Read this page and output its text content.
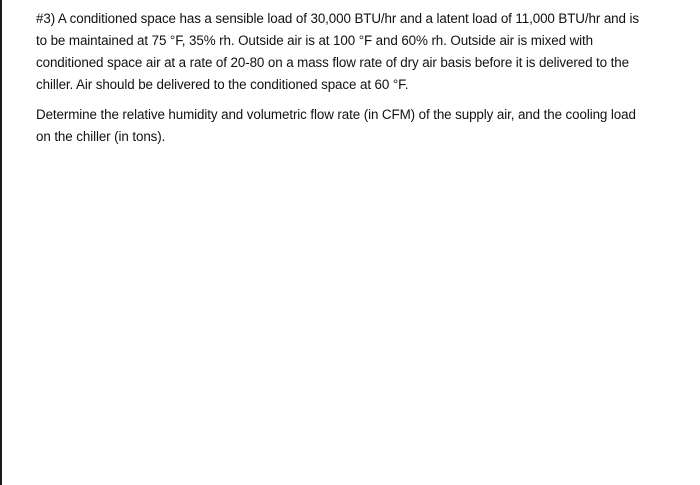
#3) A conditioned space has a sensible load of 30,000 BTU/hr and a latent load of 11,000 BTU/hr and is
to be maintained at 75 °F, 35% rh. Outside air is at 100 °F and 60% rh. Outside air is mixed with
conditioned space air at a rate of 20-80 on a mass flow rate of dry air basis before it is delivered to the
chiller. Air should be delivered to the conditioned space at 60 °F.

Determine the relative humidity and volumetric flow rate (in CFM) of the supply air, and the cooling load
on the chiller (in tons).
